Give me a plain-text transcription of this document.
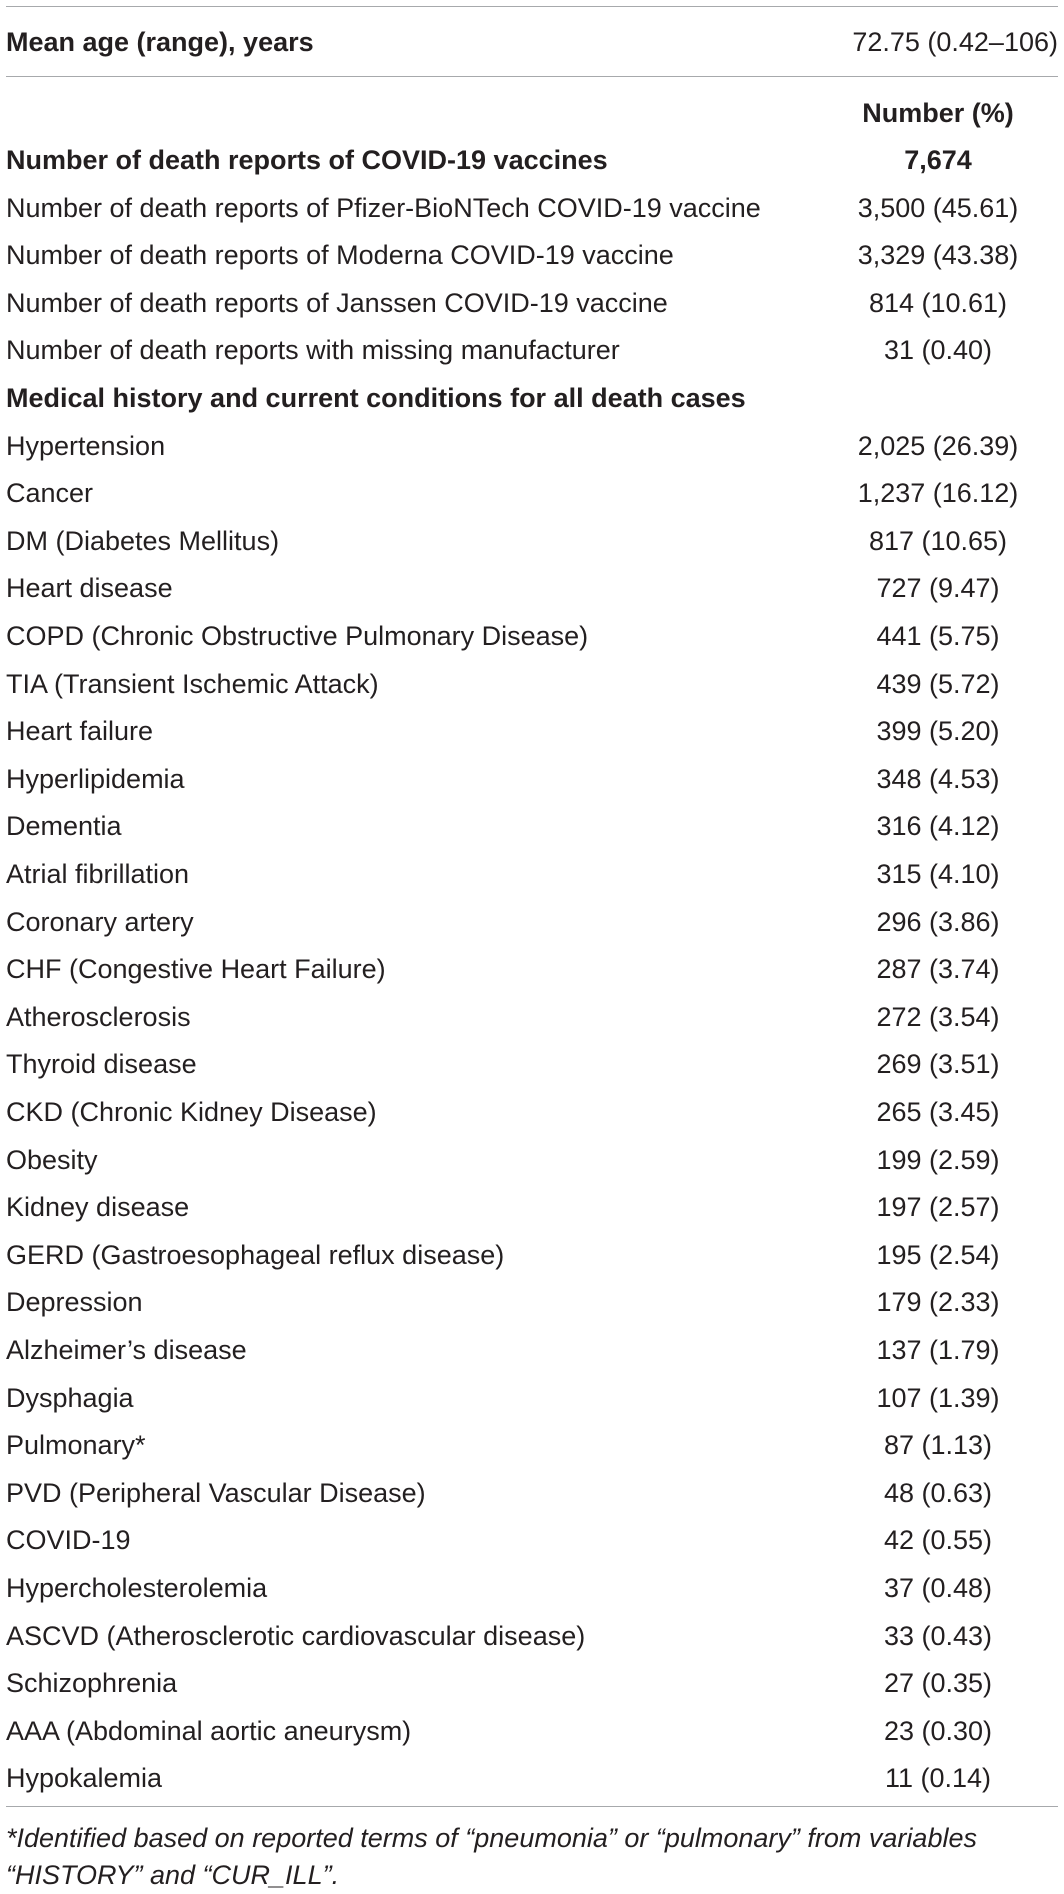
Mean age (range), years	72.75 (0.42–106)
Number (%)
Number of death reports of COVID-19 vaccines	7,674
Number of death reports of Pfizer-BioNTech COVID-19 vaccine	3,500 (45.61)
Number of death reports of Moderna COVID-19 vaccine	3,329 (43.38)
Number of death reports of Janssen COVID-19 vaccine	814 (10.61)
Number of death reports with missing manufacturer	31 (0.40)
Medical history and current conditions for all death cases
Hypertension	2,025 (26.39)
Cancer	1,237 (16.12)
DM (Diabetes Mellitus)	817 (10.65)
Heart disease	727 (9.47)
COPD (Chronic Obstructive Pulmonary Disease)	441 (5.75)
TIA (Transient Ischemic Attack)	439 (5.72)
Heart failure	399 (5.20)
Hyperlipidemia	348 (4.53)
Dementia	316 (4.12)
Atrial fibrillation	315 (4.10)
Coronary artery	296 (3.86)
CHF (Congestive Heart Failure)	287 (3.74)
Atherosclerosis	272 (3.54)
Thyroid disease	269 (3.51)
CKD (Chronic Kidney Disease)	265 (3.45)
Obesity	199 (2.59)
Kidney disease	197 (2.57)
GERD (Gastroesophageal reflux disease)	195 (2.54)
Depression	179 (2.33)
Alzheimer’s disease	137 (1.79)
Dysphagia	107 (1.39)
Pulmonary*	87 (1.13)
PVD (Peripheral Vascular Disease)	48 (0.63)
COVID-19	42 (0.55)
Hypercholesterolemia	37 (0.48)
ASCVD (Atherosclerotic cardiovascular disease)	33 (0.43)
Schizophrenia	27 (0.35)
AAA (Abdominal aortic aneurysm)	23 (0.30)
Hypokalemia	11 (0.14)
*Identified based on reported terms of “pneumonia” or “pulmonary” from variables “HISTORY” and “CUR_ILL”.
